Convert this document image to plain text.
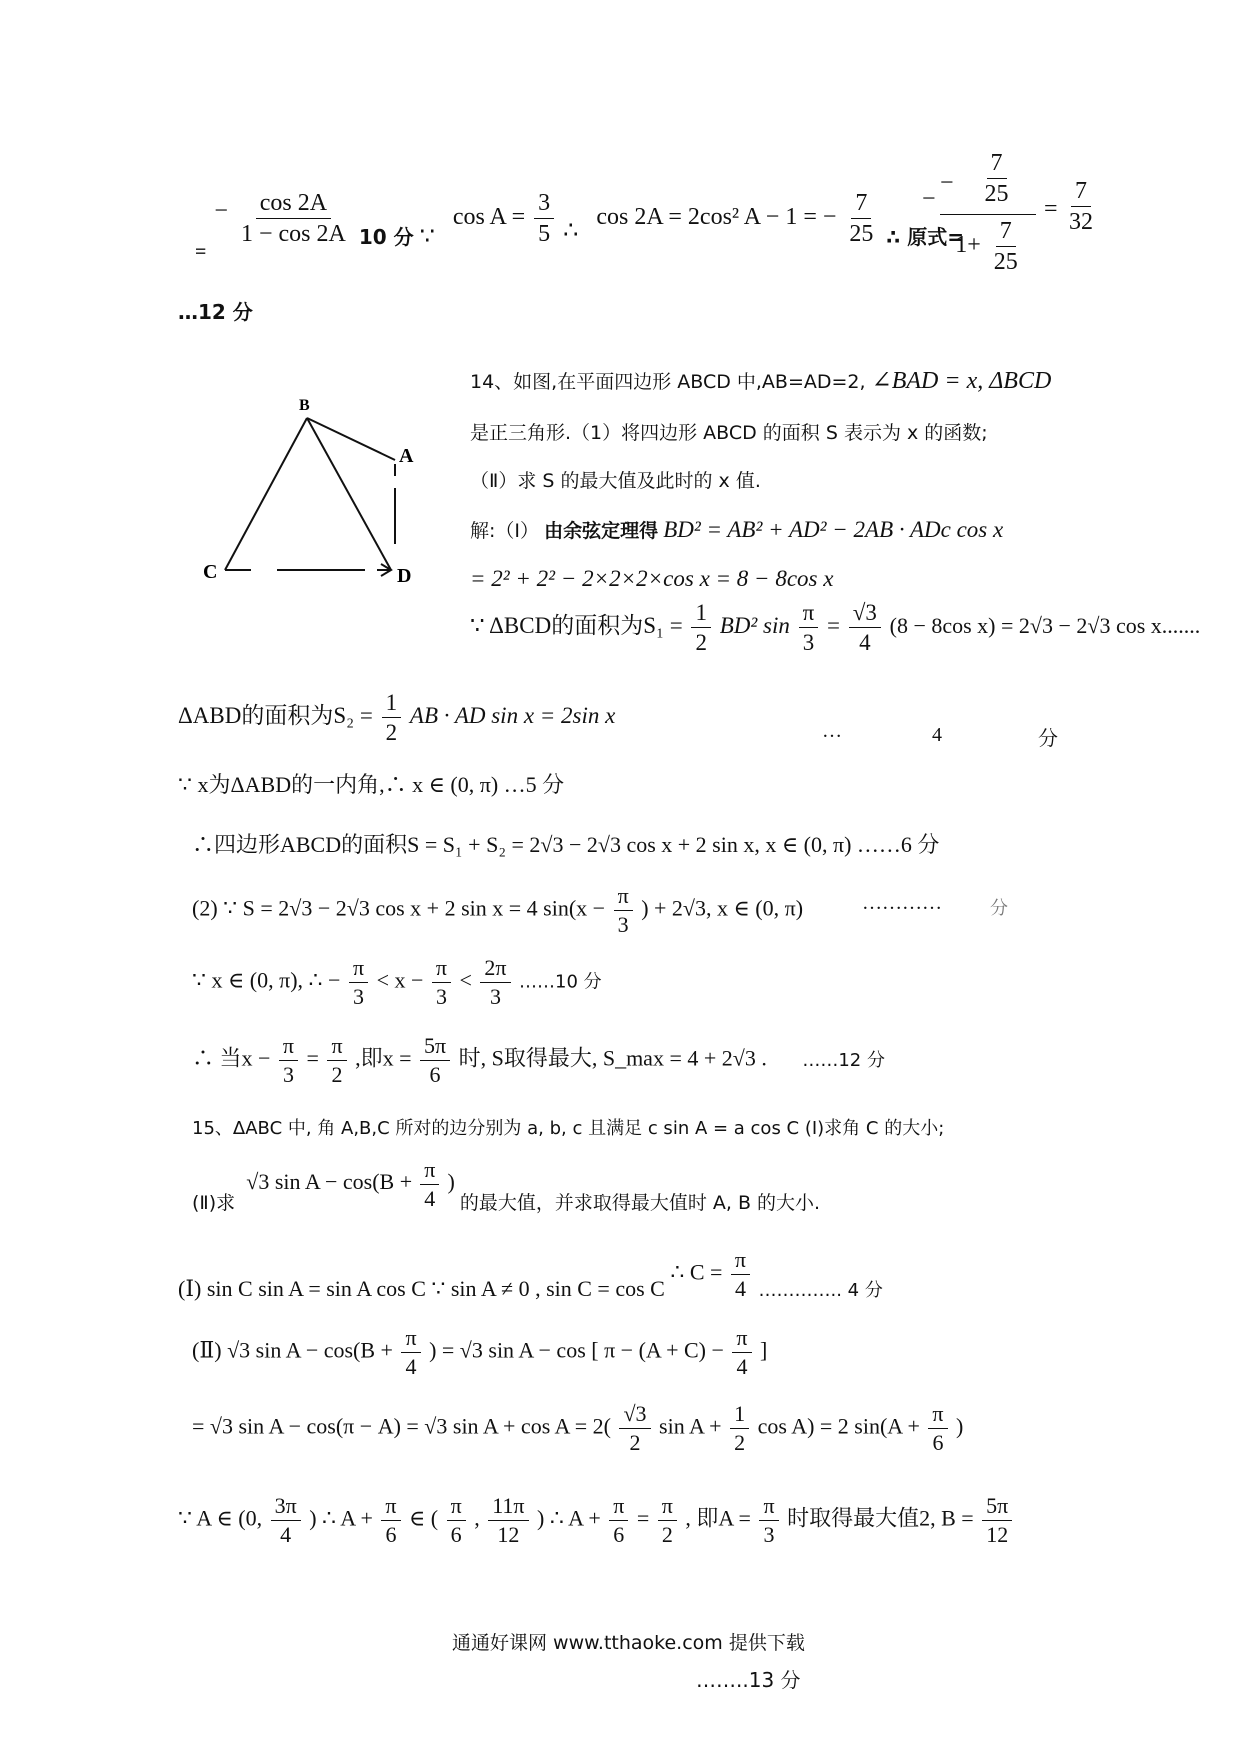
$_= - \frac{\cos 2A}{1 - \cos 2A} _{10 分}$ ∵ $\cos A = \frac{3}{5}$ ∴ cos 2A = 2cos² A − 1 = − $\frac{7}{25} _{\therefore 原式=}$
−
− $\frac{7}{25}$
$1+ \frac{7}{25}$
= $\frac{7}{32}$
…12 分
B
A
C	D
14、如图,在平面四边形 ABCD 中,AB=AD=2, ∠BAD = x, ΔBCD
是正三角形.（1）将四边形 ABCD 的面积 S 表示为 x 的函数;
（Ⅱ）求 S 的最大值及此时的 x 值.
解:（Ⅰ） 由余弦定理得 BD² = AB² + AD² − 2AB · ADc cos x
= 2² + 2² − 2×2×2×cos x = 8 − 8cos x
∵ ΔBCD的面积为$S_1 = \frac{1}{2} BD^2$ $\sin \frac{\pi}{3} = \frac{√3}{4} (8 - 8\cos$ x) = 2√3 − 2√3 cos x.......
ΔABD的面积为$S_2 = \frac{1}{2}$ AB · AD sin x = 2sin x
…	4	分
∵ x为ΔABD的一内角,∴ x ∈ (0, π) …5 分
∴四边形ABCD的面积S = S₁ + S₂ = 2√3 − 2√3 cos x + 2 sin x, x ∈ (0, π) ……6 分
(2) ∵ S = 2√3 − 2√3 cos x + 2 sin x = 4 $\sin(x - \frac{\pi}{3}$ ) + 2√3, x ∈ (0, π)	…………	分
∵ x ∈ (0, π), ∴ − $\frac{\pi}{3} < x - \frac{\pi}{3} < \frac{2\pi}{3}$ ……10 分
∴ 当$x - \frac{\pi}{3} = \frac{\pi}{2}$ ,即$x = \frac{5\pi}{6}$ 时, S取得最大, S_max = 4 + 2√3 . ……12 分
15、ΔABC 中, 角 A,B,C 所对的边分别为 a, b, c 且满足 c sin A = a cos C (Ⅰ)求角 C 的大小;
(Ⅱ)求 √3 $\sin A - \cos(B + \frac{\pi}{4}$ ) 的最大值，并求取得最大值时 A, B 的大小.
(Ⅰ) sin C sin A = sin A cos C ∵ sin A ≠ 0 , sin C = cos C ∴ $C = \frac{\pi}{4} _{\dots\dots\dots\dots.. 4 分}$
(Ⅱ) √3 $\sin A - \cos(B + \frac{\pi}{4}$ ) = √3 sin A − cos [ $\pi - (A + C) - \frac{\pi}{4}$ ]
= √3 sin A − cos(π − A) = √3 $\sin A + \cos A = 2( \frac{√3}{2}$ $\sin A + \frac{1}{2}$ cos A) = 2 $\sin(A + \frac{\pi}{6}$ )
∵ A ∈ (0, $\frac{3\pi}{4}$ ) ∴ $A + \frac{\pi}{6}$ ∈ ( $\frac{\pi}{6}$ , $\frac{11\pi}{12}$ ) ∴ $A + \frac{\pi}{6} = \frac{\pi}{2}$ , 即$A = \frac{\pi}{3}$ 时取得最大值2, $B = \frac{5\pi}{12}$
通通好课网 www.tthaoke.com 提供下载
……..13 分
